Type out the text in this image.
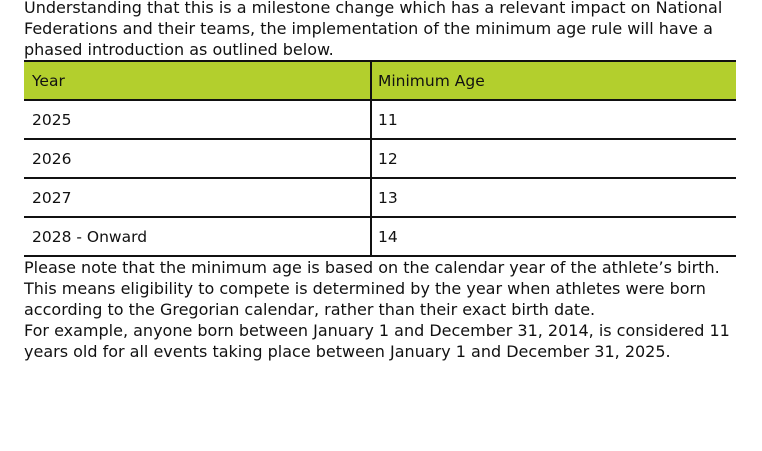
Understanding that this is a milestone change which has a relevant impact on National Federations and their teams, the implementation of the minimum age rule will have a phased introduction as outlined below.

Year	Minimum Age
2025	11
2026	12
2027	13
2028 - Onward	14

Please note that the minimum age is based on the calendar year of the athlete’s birth. This means eligibility to compete is determined by the year when athletes were born according to the Gregorian calendar, rather than their exact birth date.

For example, anyone born between January 1 and December 31, 2014, is considered 11 years old for all events taking place between January 1 and December 31, 2025.
